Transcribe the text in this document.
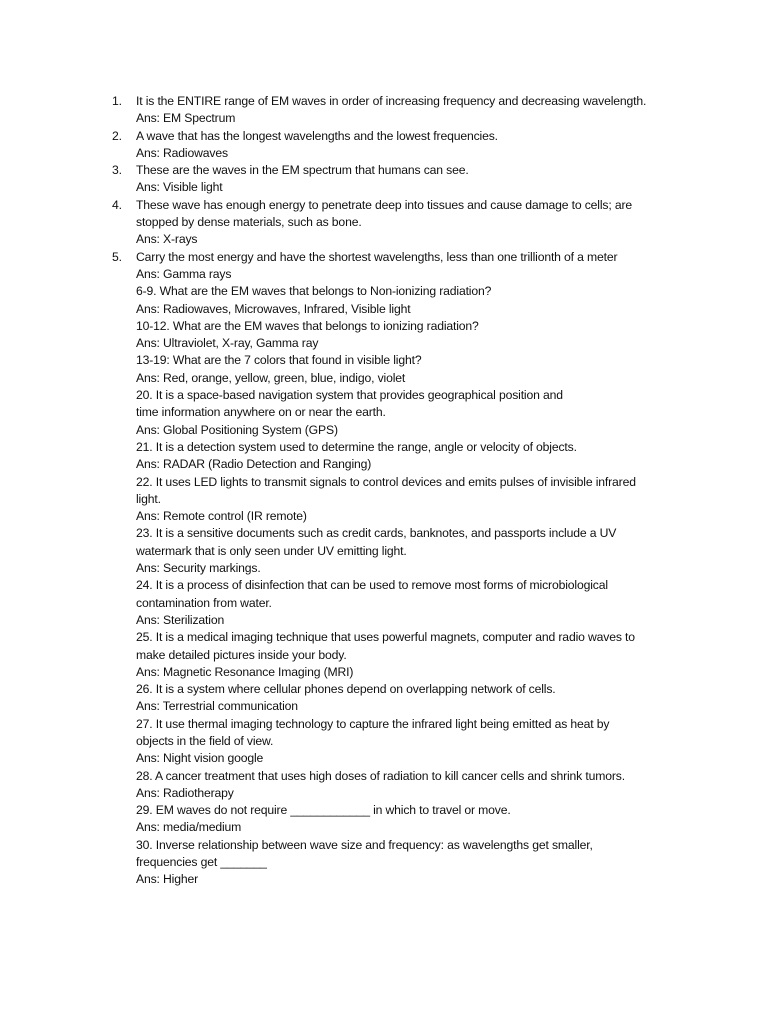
1.	It is the ENTIRE range of EM waves in order of increasing frequency and decreasing wavelength.
Ans: EM Spectrum
2.	A wave that has the longest wavelengths and the lowest frequencies.
Ans: Radiowaves
3.	These are the waves in the EM spectrum that humans can see.
Ans: Visible light
4.	These wave has enough energy to penetrate deep into tissues and cause damage to cells; are
stopped by dense materials, such as bone.
Ans: X-rays
5.	Carry the most energy and have the shortest wavelengths, less than one trillionth of a meter
Ans: Gamma rays
6-9. What are the EM waves that belongs to Non-ionizing radiation?
Ans: Radiowaves, Microwaves, Infrared, Visible light
10-12. What are the EM waves that belongs to ionizing radiation?
Ans: Ultraviolet, X-ray, Gamma ray
13-19: What are the 7 colors that found in visible light?
Ans: Red, orange, yellow, green, blue, indigo, violet
20. It is a space-based navigation system that provides geographical position and
time information anywhere on or near the earth.
Ans: Global Positioning System (GPS)
21. It is a detection system used to determine the range, angle or velocity of objects.
Ans: RADAR (Radio Detection and Ranging)
22. It uses LED lights to transmit signals to control devices and emits pulses of invisible infrared
light.
Ans: Remote control (IR remote)
23. It is a sensitive documents such as credit cards, banknotes, and passports include a UV
watermark that is only seen under UV emitting light.
Ans: Security markings.
24. It is a process of disinfection that can be used to remove most forms of microbiological
contamination from water.
Ans: Sterilization
25. It is a medical imaging technique that uses powerful magnets, computer and radio waves to
make detailed pictures inside your body.
Ans: Magnetic Resonance Imaging (MRI)
26. It is a system where cellular phones depend on overlapping network of cells.
Ans: Terrestrial communication
27. It use thermal imaging technology to capture the infrared light being emitted as heat by
objects in the field of view.
Ans: Night vision google
28. A cancer treatment that uses high doses of radiation to kill cancer cells and shrink tumors.
Ans: Radiotherapy
29. EM waves do not require ____________ in which to travel or move.
Ans: media/medium
30. Inverse relationship between wave size and frequency: as wavelengths get smaller,
frequencies get _______
Ans: Higher
